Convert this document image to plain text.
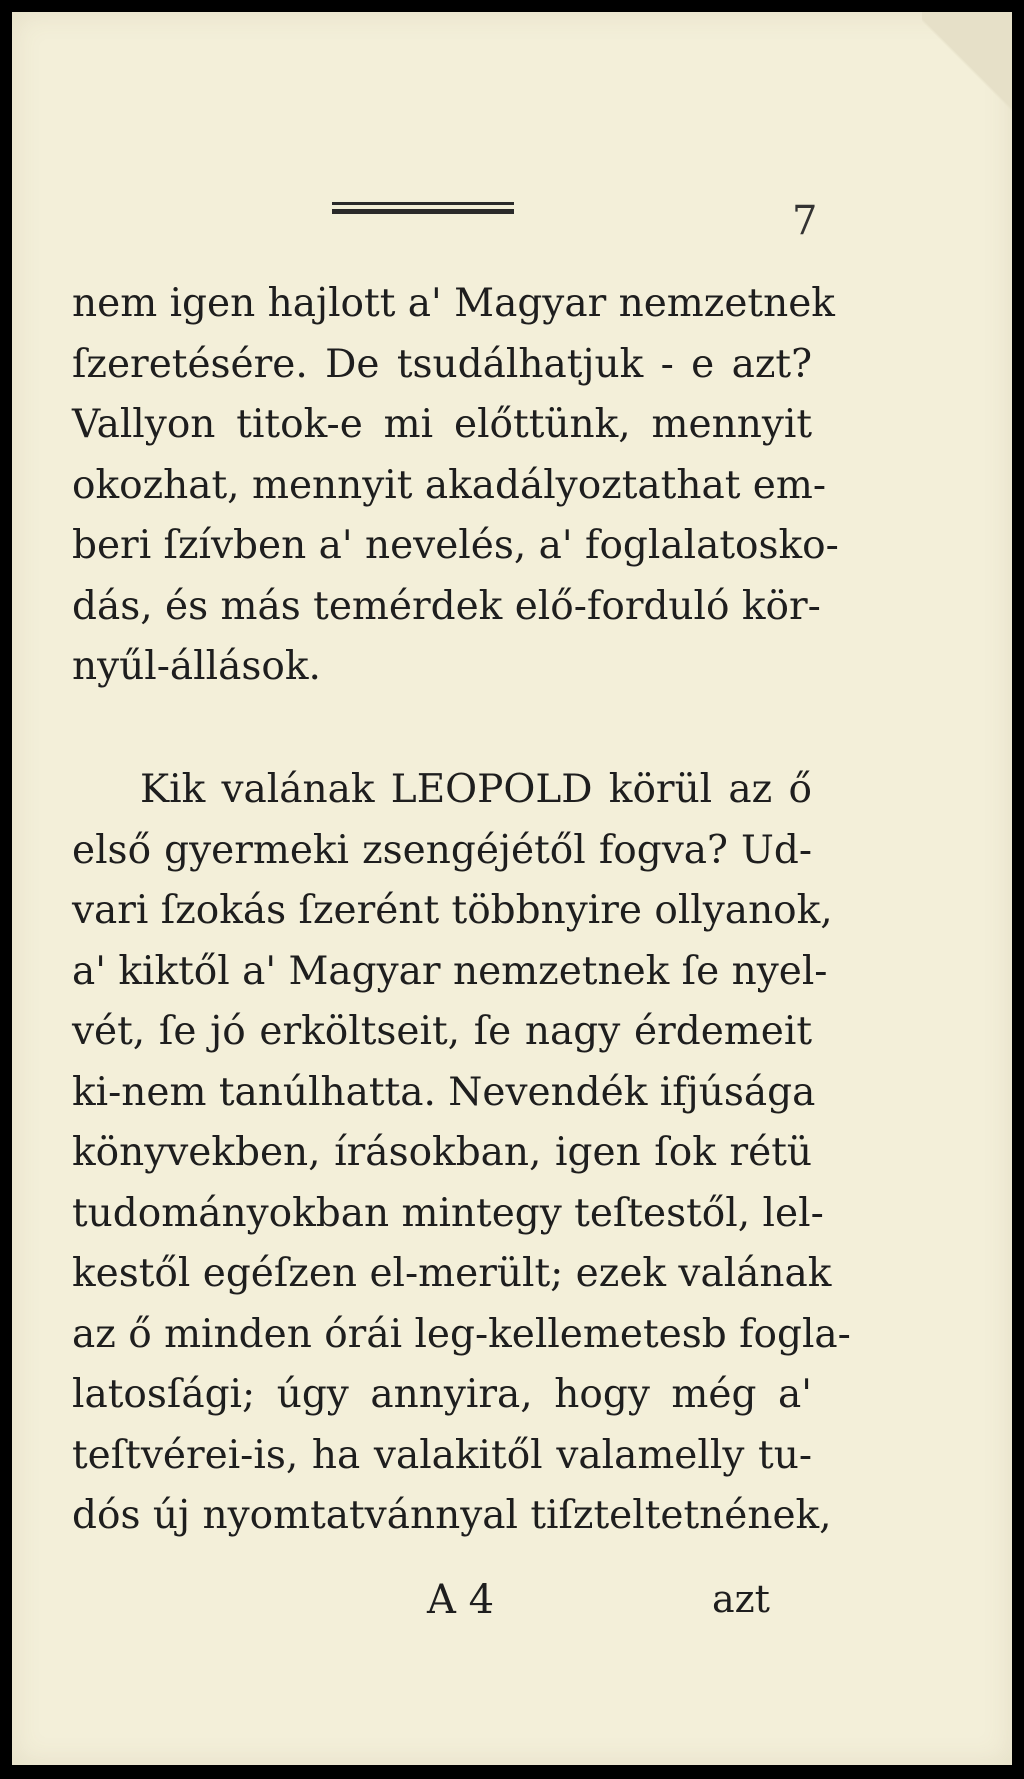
7
nem igen hajlott a' Magyar nemzetnek
ſzeretésére. De tsudálhatjuk - e azt?
Vallyon titok-e mi előttünk, mennyit
okozhat, mennyit akadályoztathat em-
beri ſzívben a' nevelés, a' foglalatosko-
dás, és más temérdek elő-forduló kör-
nyűl-állások.
Kik valának LEOPOLD körül az ő
első gyermeki zsengéjétől fogva? Ud-
vari ſzokás ſzerént többnyire ollyanok,
a' kiktől a' Magyar nemzetnek ſe nyel-
vét, ſe jó erköltseit, ſe nagy érdemeit
ki-nem tanúlhatta. Nevendék ifjúsága
könyvekben, írásokban, igen ſok rétü
tudományokban mintegy teſtestől, lel-
kestől egéſzen el-merült; ezek valának
az ő minden órái leg-kellemetesb fogla-
latosſági; úgy annyira, hogy még a'
teſtvérei-is, ha valakitől valamelly tu-
dós új nyomtatvánnyal tiſzteltetnének,
A 4	azt
